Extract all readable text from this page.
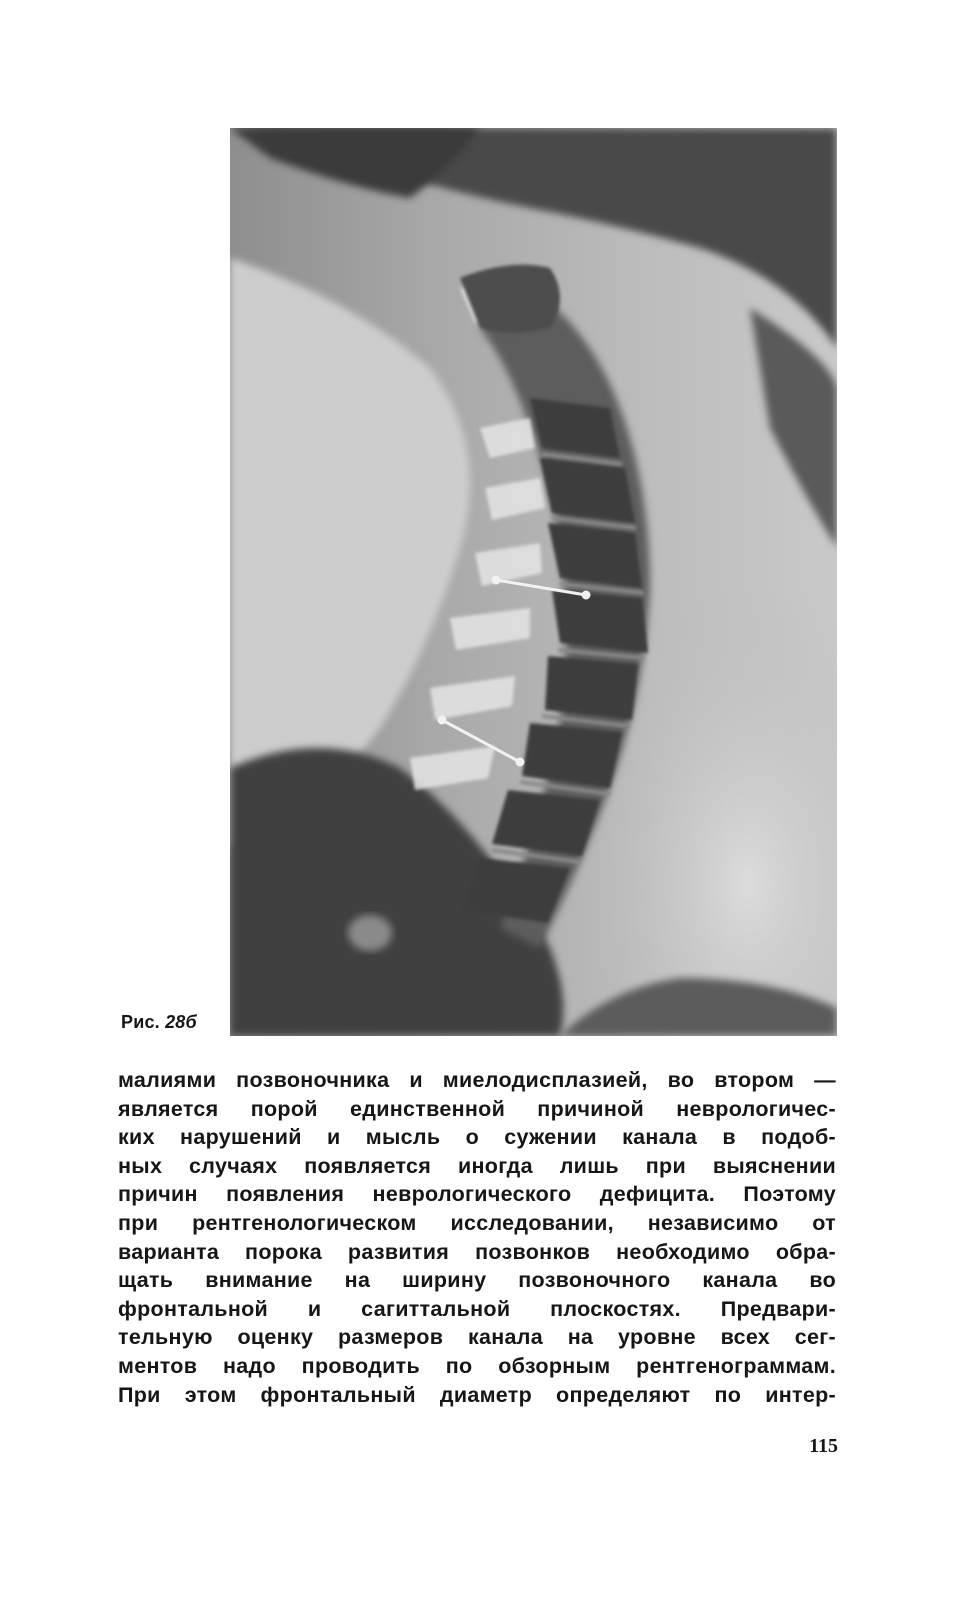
Рис. 28б
малиями позвоночника и миелодисплазией, во втором —
является порой единственной причиной неврологичес-
ких нарушений и мысль о сужении канала в подоб-
ных случаях появляется иногда лишь при выяснении
причин появления неврологического дефицита. Поэтому
при рентгенологическом исследовании, независимо от
варианта порока развития позвонков необходимо обра-
щать внимание на ширину позвоночного канала во
фронтальной и сагиттальной плоскостях. Предвари-
тельную оценку размеров канала на уровне всех сег-
ментов надо проводить по обзорным рентгенограммам.
При этом фронтальный диаметр определяют по интер-
115
